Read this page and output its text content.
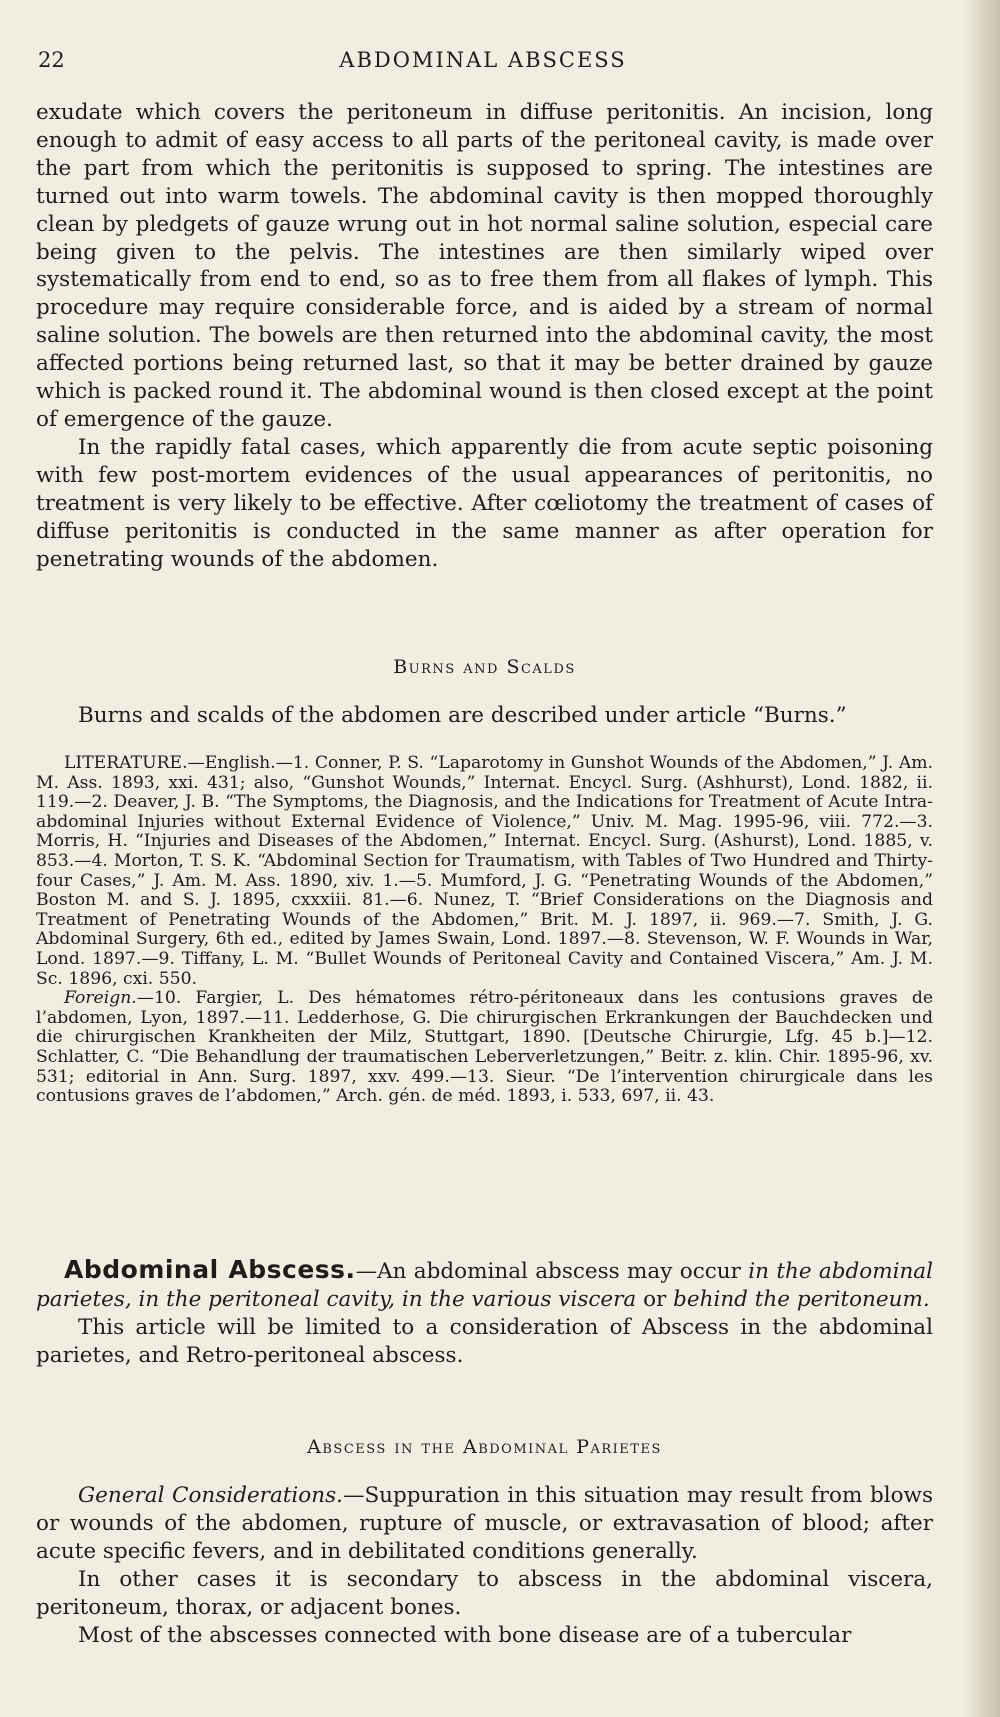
22	ABDOMINAL ABSCESS

exudate which covers the peritoneum in diffuse peritonitis. An incision, long enough to admit of easy access to all parts of the peritoneal cavity, is made over the part from which the peritonitis is supposed to spring. The intestines are turned out into warm towels. The abdominal cavity is then mopped thoroughly clean by pledgets of gauze wrung out in hot normal saline solution, especial care being given to the pelvis. The intestines are then similarly wiped over systematically from end to end, so as to free them from all flakes of lymph. This procedure may require considerable force, and is aided by a stream of normal saline solution. The bowels are then returned into the abdominal cavity, the most affected portions being returned last, so that it may be better drained by gauze which is packed round it. The abdominal wound is then closed except at the point of emergence of the gauze.

In the rapidly fatal cases, which apparently die from acute septic poisoning with few post-mortem evidences of the usual appearances of peritonitis, no treatment is very likely to be effective. After cœliotomy the treatment of cases of diffuse peritonitis is conducted in the same manner as after operation for penetrating wounds of the abdomen.

Burns and Scalds
Burns and scalds of the abdomen are described under article “Burns.”

LITERATURE.—English.—1. Conner, P. S. “Laparotomy in Gunshot Wounds of the Abdomen,” J. Am. M. Ass. 1893, xxi. 431; also, “Gunshot Wounds,” Internat. Encycl. Surg. (Ashhurst), Lond. 1882, ii. 119.—2. Deaver, J. B. “The Symptoms, the Diagnosis, and the Indications for Treatment of Acute Intra-abdominal Injuries without External Evidence of Violence,” Univ. M. Mag. 1995-96, viii. 772.—3. Morris, H. “Injuries and Diseases of the Abdomen,” Internat. Encycl. Surg. (Ashurst), Lond. 1885, v. 853.—4. Morton, T. S. K. “Abdominal Section for Traumatism, with Tables of Two Hundred and Thirty-four Cases,” J. Am. M. Ass. 1890, xiv. 1.—5. Mumford, J. G. “Penetrating Wounds of the Abdomen,” Boston M. and S. J. 1895, cxxxiii. 81.—6. Nunez, T. “Brief Considerations on the Diagnosis and Treatment of Penetrating Wounds of the Abdomen,” Brit. M. J. 1897, ii. 969.—7. Smith, J. G. Abdominal Surgery, 6th ed., edited by James Swain, Lond. 1897.—8. Stevenson, W. F. Wounds in War, Lond. 1897.—9. Tiffany, L. M. “Bullet Wounds of Peritoneal Cavity and Contained Viscera,” Am. J. M. Sc. 1896, cxi. 550.

Foreign.—10. Fargier, L. Des hématomes rétro-péritoneaux dans les contusions graves de l’abdomen, Lyon, 1897.—11. Ledderhose, G. Die chirurgischen Erkrankungen der Bauchdecken und die chirurgischen Krankheiten der Milz, Stuttgart, 1890. [Deutsche Chirurgie, Lfg. 45 b.]—12. Schlatter, C. “Die Behandlung der traumatischen Leberverletzungen,” Beitr. z. klin. Chir. 1895-96, xv. 531; editorial in Ann. Surg. 1897, xxv. 499.—13. Sieur. “De l’intervention chirurgicale dans les contusions graves de l’abdomen,” Arch. gén. de méd. 1893, i. 533, 697, ii. 43.

Abdominal Abscess.—An abdominal abscess may occur in the abdominal parietes, in the peritoneal cavity, in the various viscera or behind the peritoneum.

This article will be limited to a consideration of Abscess in the abdominal parietes, and Retro-peritoneal abscess.

Abscess in the Abdominal Parietes

General Considerations.—Suppuration in this situation may result from blows or wounds of the abdomen, rupture of muscle, or extravasation of blood; after acute specific fevers, and in debilitated conditions generally.

In other cases it is secondary to abscess in the abdominal viscera, peritoneum, thorax, or adjacent bones.

Most of the abscesses connected with bone disease are of a tubercular
